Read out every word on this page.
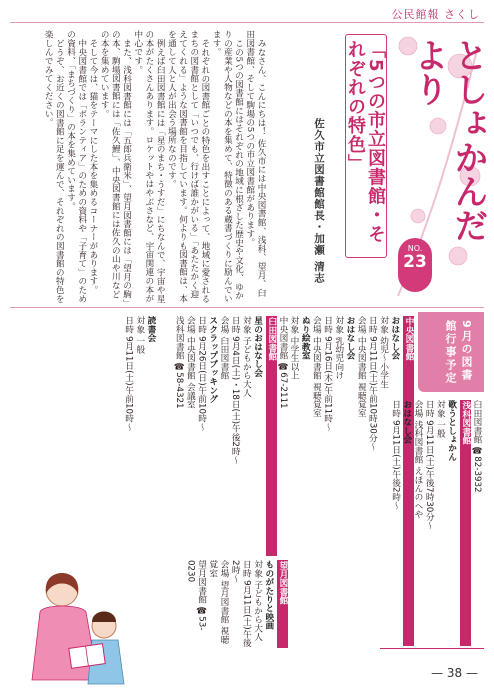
公民館報 さくし

みなさん、こんにちは！ 佐久市には中央図書館、浅科、望月、臼田図書館、そして駒場の5つの市立図書館があります。

この5つの図書館にはそれぞれの地域に根ざした歴史や文化、ゆかりの産業や人物などの本を集めて、特徴のある蔵書づくりに励んでいます。

それぞれの図書館ごとの特色を出すことによって、地域に愛されるまちの図書館として「いつでも、行けば誰かがいる」「あたたかく迎えてくれる」ような図書館を目指しています。何よりも図書館は、本を通して人と人が出会う場所なのです。

例えば臼田図書館には「星のまち・うすだ」にちなんで、宇宙や星の本がたくさんあります。ロケットやはやぶさなど、宇宙関連の本が中心です。

また、浅科図書館には「五郎兵衛米」、望月図書館には「望月の駒」の本、駒場図書館には「佐久鯉」、中央図書館には佐久の山や川などの本を集めています。

そして今は、猫をテーマにした本を集めるコーナーがあります。

中央図書館では「ボランティア」のための資料や「子育て」のための資料、「まちづくり」の本を集めています。

どうぞ、お近くの図書館に足を運んで、それぞれの図書館の特色を楽しんでみてください。

佐久市立図書館館長・加瀬 清志	「5つの市立図書館・それぞれの特色」	としょかんだより
NO.
23
9月の図書館行事予定
中央図書館
おはなし会
対象 幼児〜小学生
日時 9月11日(土)午前10時30分〜
会場 中央図書館 視聴覚室
おはなし会
対象 乳幼児向け
日時 9月16日(木)午前11時〜
会場 中央図書館 視聴覚室
ぬり絵教室
対象 中学生以上
臼田図書館 ☎82-3932
浅科図書館
歌うとしょかん
対象 一般
日時 9月11日(土)午後7時30分〜
会場 浅科図書館 えほんのへや
おはなし会
日時 9月11日(土)午後2時〜
中央図書館 ☎67-2111
臼田図書館
星のおはなし会
対象 子どもから大人
日時 9月4日(土)・18日(土)午後2時〜
会場 臼田図書館
スクラップブッキング
日時 9月26日(日)午前10時〜
会場 中央図書館 会議室
浅科図書館 ☎58-4321
望月図書館
ものがたりと映画
対象 子どもから大人
日時 9月11日(土)午後2時〜
会場 望月図書館 視聴覚室
望月図書館 ☎53-0230
読書会
対象 一般
日時 9月11日(土)午前10時〜
— 38 —
